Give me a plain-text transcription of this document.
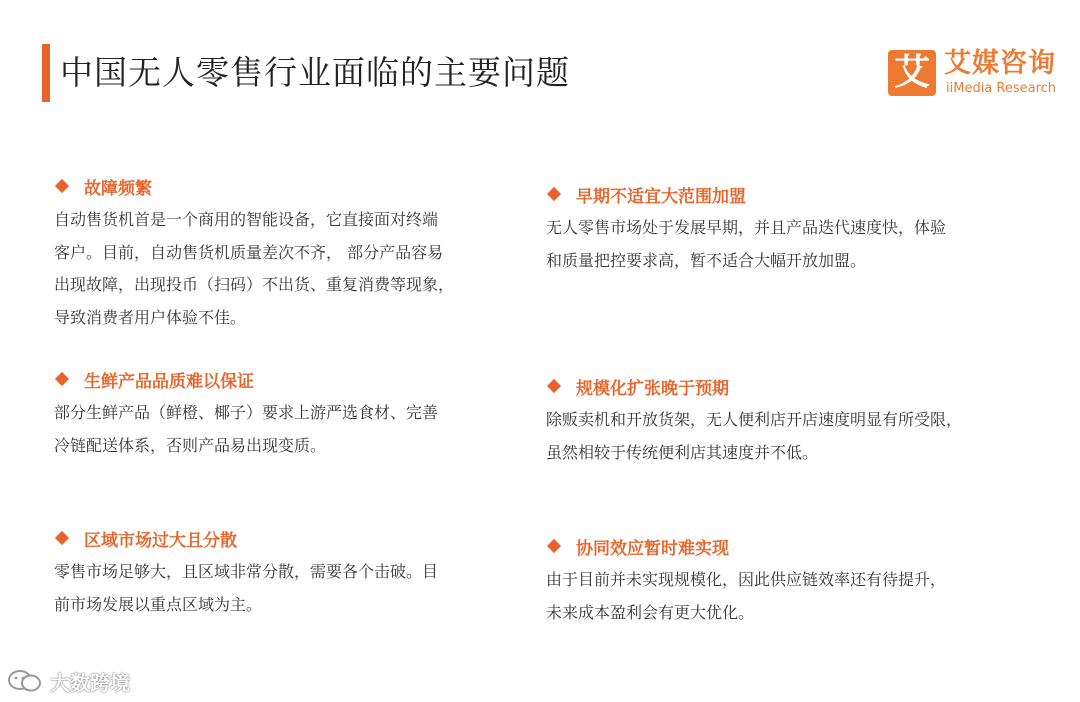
中国无人零售行业面临的主要问题	艾 艾媒咨询
iiMedia Research
故障频繁
自动售货机首是一个商用的智能设备，它直接面对终端
客户。目前，自动售货机质量差次不齐， 部分产品容易
出现故障，出现投币（扫码）不出货、重复消费等现象，
导致消费者用户体验不佳。
生鲜产品品质难以保证
部分生鲜产品（鲜橙、椰子）要求上游严选食材、完善
冷链配送体系，否则产品易出现变质。
区域市场过大且分散
零售市场足够大，且区域非常分散，需要各个击破。目
前市场发展以重点区域为主。
早期不适宜大范围加盟
无人零售市场处于发展早期，并且产品迭代速度快，体验
和质量把控要求高，暂不适合大幅开放加盟。
规模化扩张晚于预期
除贩卖机和开放货架，无人便利店开店速度明显有所受限，
虽然相较于传统便利店其速度并不低。
协同效应暂时难实现
由于目前并未实现规模化，因此供应链效率还有待提升，
未来成本盈利会有更大优化。
大数跨境
